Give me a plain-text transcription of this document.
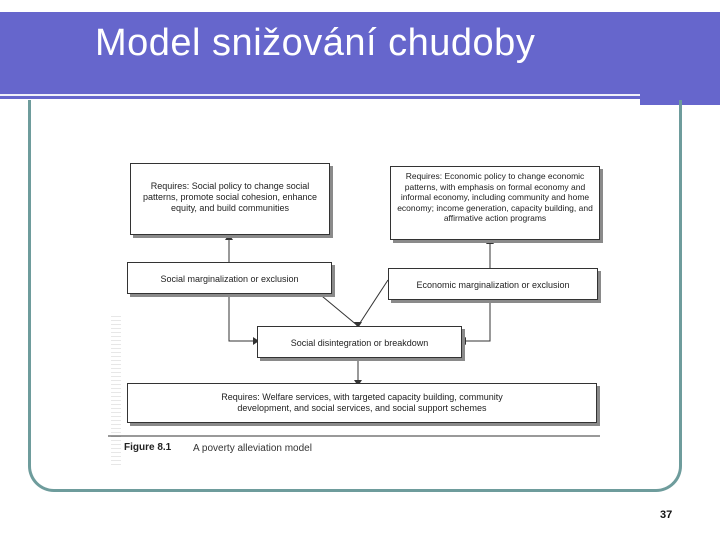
Model snižování chudoby
Requires: Social policy to change social patterns, promote social cohesion, enhance equity, and build communities
Requires: Economic policy to change economic patterns, with emphasis on formal economy and informal economy, including community and home economy; income generation, capacity building, and affirmative action programs
Social marginalization or exclusion
Economic marginalization or exclusion
Social disintegration or breakdown
Requires: Welfare services, with targeted capacity building, community development, and social services, and social support schemes
Figure 8.1 A poverty alleviation model
37
